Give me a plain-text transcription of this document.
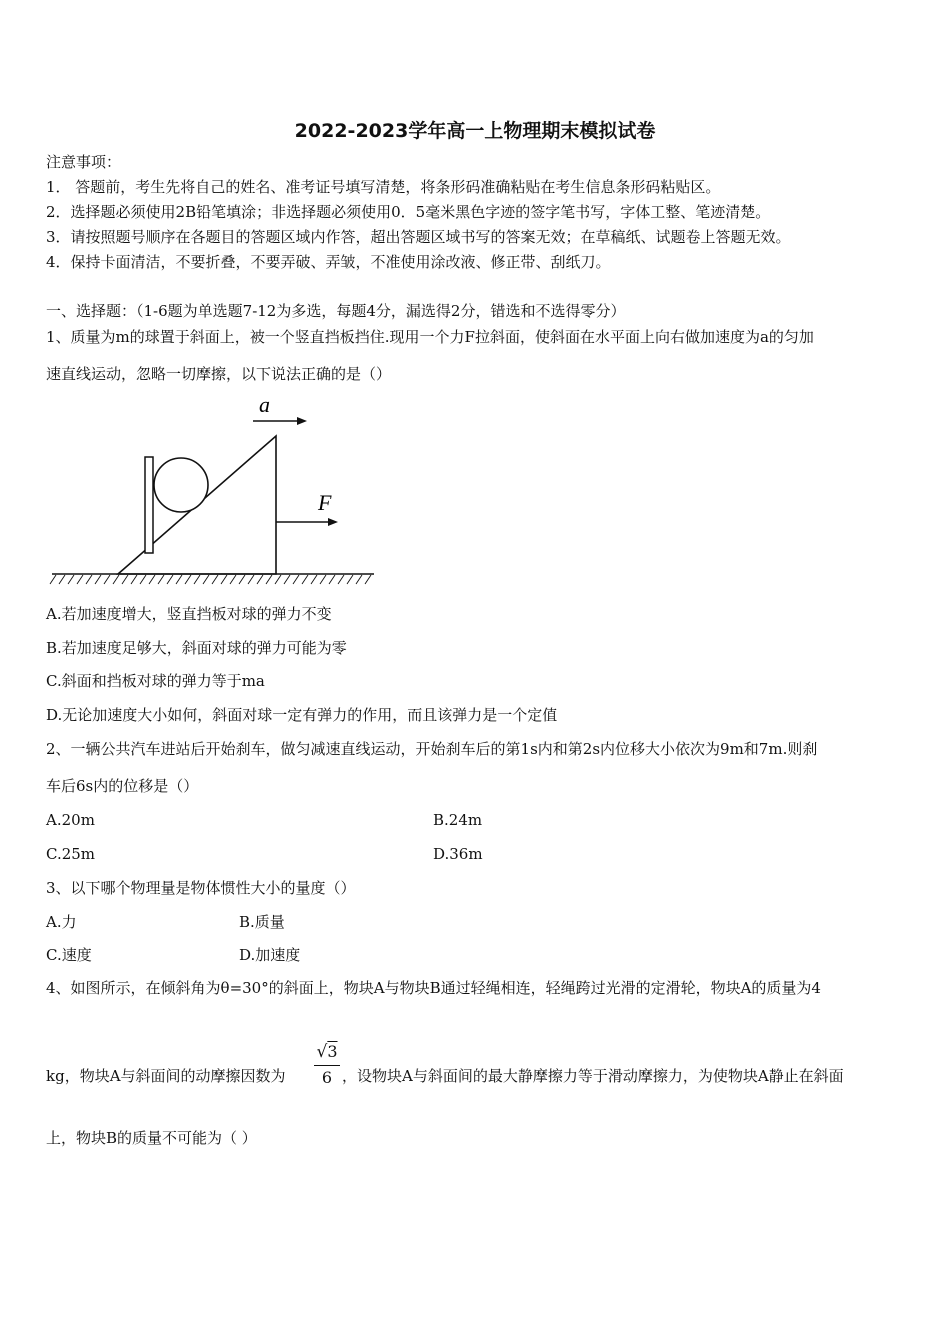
2022-2023学年高一上物理期末模拟试卷
注意事项：
1． 答题前，考生先将自己的姓名、准考证号填写清楚，将条形码准确粘贴在考生信息条形码粘贴区。
2．选择题必须使用2B铅笔填涂；非选择题必须使用0．5毫米黑色字迹的签字笔书写，字体工整、笔迹清楚。
3．请按照题号顺序在各题目的答题区域内作答，超出答题区域书写的答案无效；在草稿纸、试题卷上答题无效。
4．保持卡面清洁，不要折叠，不要弄破、弄皱，不准使用涂改液、修正带、刮纸刀。
一、选择题：（1-6题为单选题7-12为多选，每题4分，漏选得2分，错选和不选得零分）
1、质量为m的球置于斜面上，被一个竖直挡板挡住.现用一个力F拉斜面，使斜面在水平面上向右做加速度为a的匀加
速直线运动，忽略一切摩擦，以下说法正确的是（）
a
F
A.若加速度增大，竖直挡板对球的弹力不变
B.若加速度足够大，斜面对球的弹力可能为零
C.斜面和挡板对球的弹力等于ma
D.无论加速度大小如何，斜面对球一定有弹力的作用，而且该弹力是一个定值
2、一辆公共汽车进站后开始刹车，做匀减速直线运动，开始刹车后的第1s内和第2s内位移大小依次为9m和7m.则刹
车后6s内的位移是（）
A.20m	B.24m
C.25m	D.36m
3、以下哪个物理量是物体惯性大小的量度（）
A.力	B.质量
C.速度	D.加速度
4、如图所示，在倾斜角为θ=30°的斜面上，物块A与物块B通过轻绳相连，轻绳跨过光滑的定滑轮，物块A的质量为4
kg，物块A与斜面间的动摩擦因数为
√3
6 ，设物块A与斜面间的最大静摩擦力等于滑动摩擦力，为使物块A静止在斜面
上，物块B的质量不可能为（ ）
